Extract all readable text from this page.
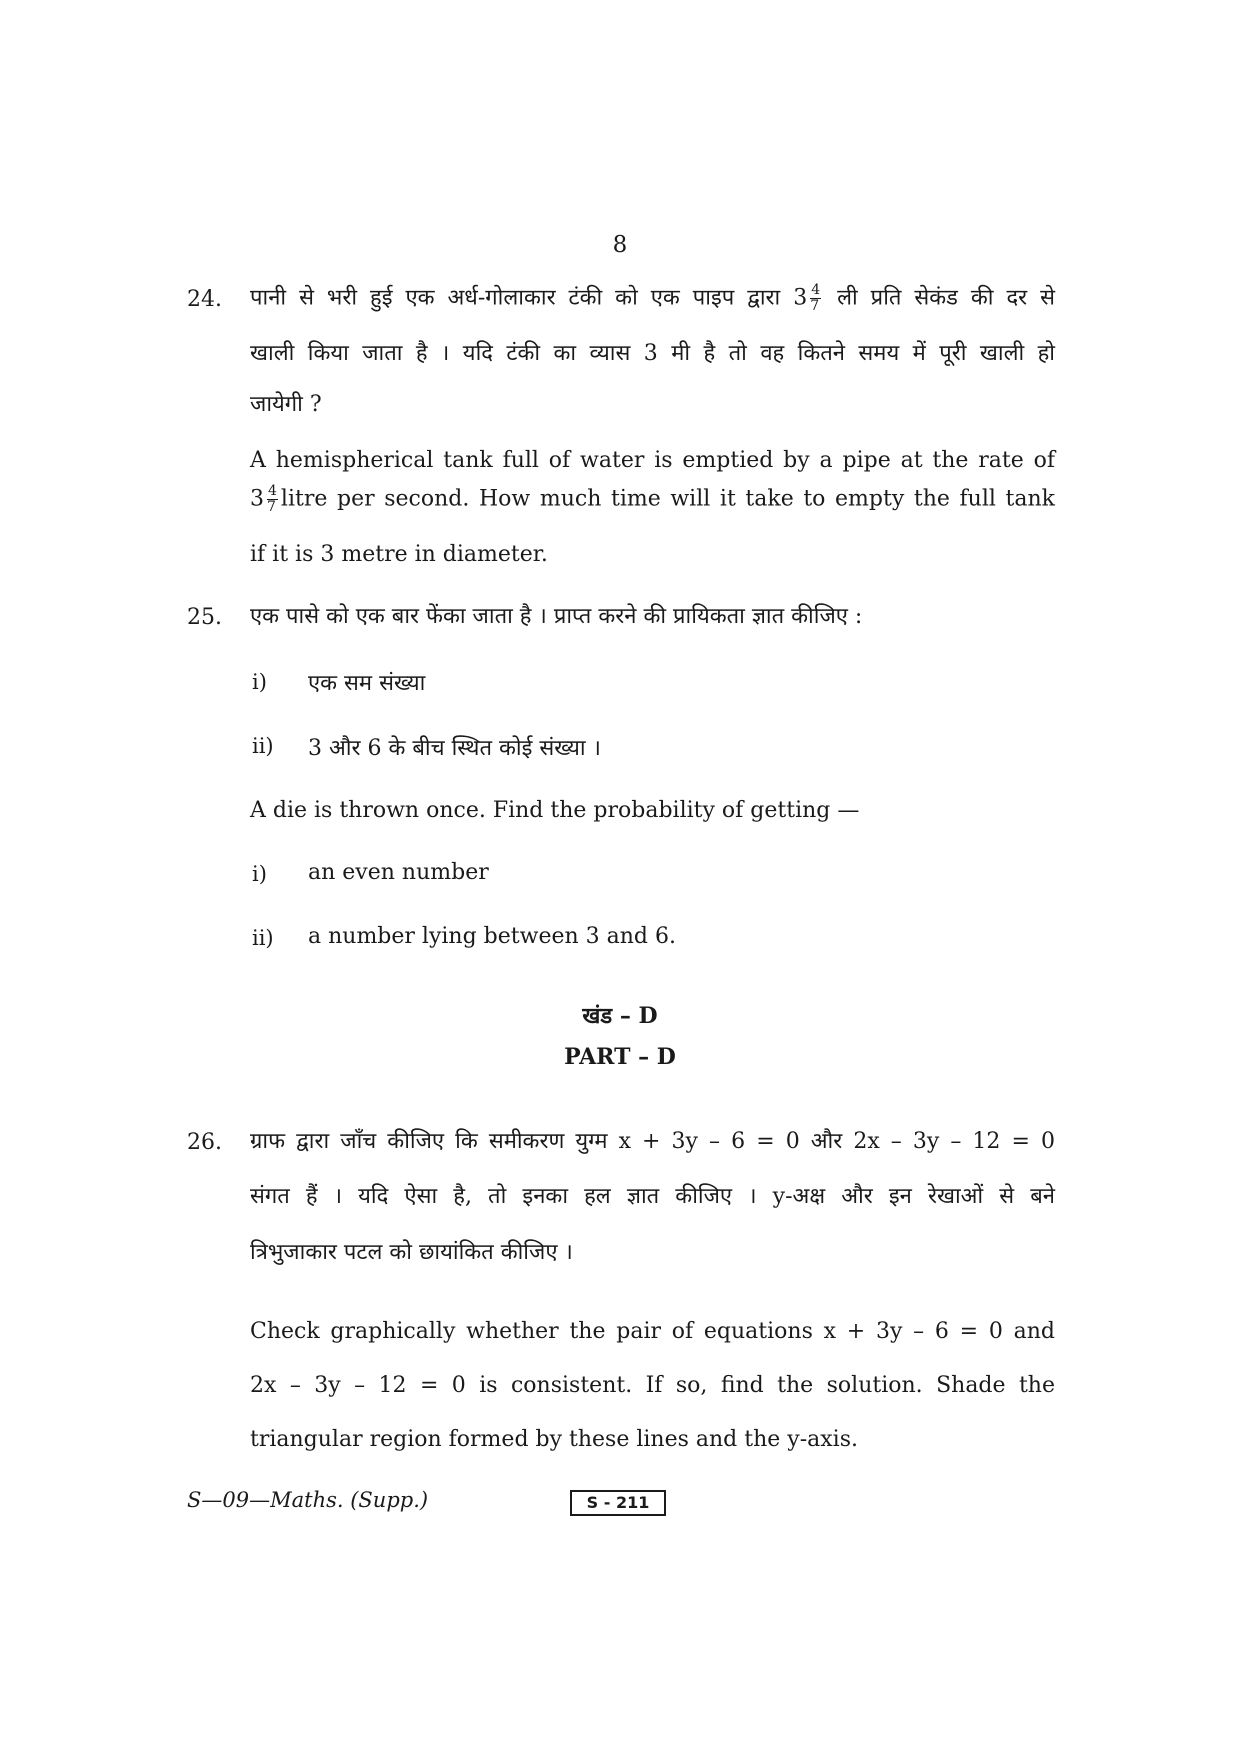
8
24. पानी से भरी हुई एक अर्ध-गोलाकार टंकी को एक पाइप द्वारा $3 \frac{4}{7}$ ली प्रति सेकंड की दर से
खाली किया जाता है । यदि टंकी का व्यास 3 मी है तो वह कितने समय में पूरी खाली हो
जायेगी ?
A hemispherical tank full of water is emptied by a pipe at the rate of
$3 \frac{4}{7}$ litre per second. How much time will it take to empty the full tank
if it is 3 metre in diameter.
25. एक पासे को एक बार फेंका जाता है । प्राप्त करने की प्रायिकता ज्ञात कीजिए :
i) एक सम संख्या
ii) 3 और 6 के बीच स्थित कोई संख्या ।
A die is thrown once. Find the probability of getting —
i) an even number
ii) a number lying between 3 and 6.
खंड – D
PART – D
26. ग्राफ द्वारा जाँच कीजिए कि समीकरण युग्म x + 3y – 6 = 0 और 2x – 3y – 12 = 0
संगत हैं । यदि ऐसा है, तो इनका हल ज्ञात कीजिए । y-अक्ष और इन रेखाओं से बने
त्रिभुजाकार पटल को छायांकित कीजिए ।
Check graphically whether the pair of equations x + 3y – 6 = 0 and
2x – 3y – 12 = 0 is consistent. If so, find the solution. Shade the
triangular region formed by these lines and the y-axis.
S—09—Maths. (Supp.)	S - 211
